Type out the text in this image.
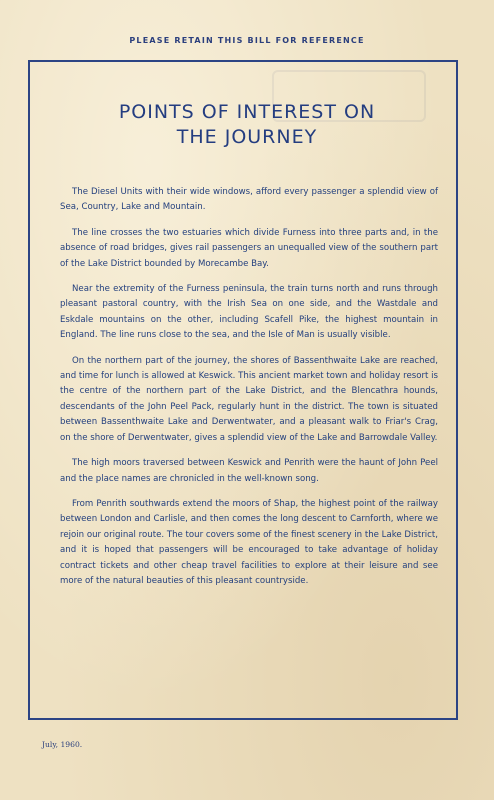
PLEASE RETAIN THIS BILL FOR REFERENCE
POINTS OF INTEREST ON
THE JOURNEY

The Diesel Units with their wide windows, afford every passenger a splendid view of Sea, Country, Lake and Mountain.

The line crosses the two estuaries which divide Furness into three parts and, in the absence of road bridges, gives rail passengers an unequalled view of the southern part of the Lake District bounded by Morecambe Bay.

Near the extremity of the Furness peninsula, the train turns north and runs through pleasant pastoral country, with the Irish Sea on one side, and the Wastdale and Eskdale mountains on the other, including Scafell Pike, the highest mountain in England. The line runs close to the sea, and the Isle of Man is usually visible.

On the northern part of the journey, the shores of Bassenthwaite Lake are reached, and time for lunch is allowed at Keswick. This ancient market town and holiday resort is the centre of the northern part of the Lake District, and the Blencathra hounds, descendants of the John Peel Pack, regularly hunt in the district. The town is situated between Bassenthwaite Lake and Derwentwater, and a pleasant walk to Friar's Crag, on the shore of Derwentwater, gives a splendid view of the Lake and Barrowdale Valley.

The high moors traversed between Keswick and Penrith were the haunt of John Peel and the place names are chronicled in the well-known song.

From Penrith southwards extend the moors of Shap, the highest point of the railway between London and Carlisle, and then comes the long descent to Carnforth, where we rejoin our original route. The tour covers some of the finest scenery in the Lake District, and it is hoped that passengers will be encouraged to take advantage of holiday contract tickets and other cheap travel facilities to explore at their leisure and see more of the natural beauties of this pleasant countryside.

July, 1960.
